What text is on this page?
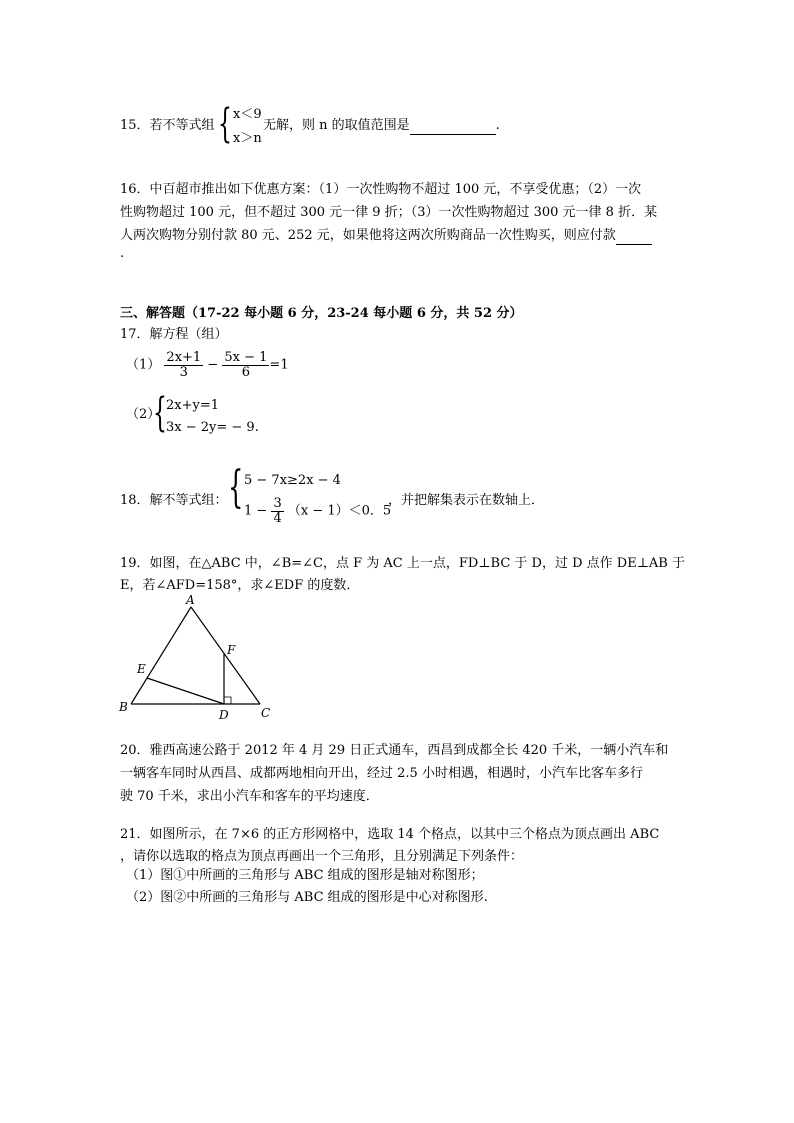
15．若不等式组 { x＜9
x＞n
无解，则 n 的取值范围是	.
16．中百超市推出如下优惠方案：（1）一次性购物不超过 100 元，不享受优惠；（2）一次
性购物超过 100 元，但不超过 300 元一律 9 折；（3）一次性购物超过 300 元一律 8 折．某
人两次购物分别付款 80 元、252 元，如果他将这两次所购商品一次性购买，则应付款
.
三、解答题（17-22 每小题 6 分，23-24 每小题 6 分，共 52 分）
17．解方程（组）
$(1) \frac{2x+1}{3} - \frac{5x - 1}{6} =1$
（2）
{ 2x+y=1
3x − 2y= − 9.
18．解不等式组： { 5 − 7x≥2x − 4
$1 - \frac{3}{4} (x - 1)<0$．5
，并把解集表示在数轴上．
19．如图，在△ABC 中，∠B=∠C，点 F 为 AC 上一点，FD⊥BC 于 D，过 D 点作 DE⊥AB 于
E，若∠AFD=158°，求∠EDF 的度数．
A
B	C
D
E
F
20．雅西高速公路于 2012 年 4 月 29 日正式通车，西昌到成都全长 420 千米，一辆小汽车和
一辆客车同时从西昌、成都两地相向开出，经过 2.5 小时相遇，相遇时，小汽车比客车多行
驶 70 千米，求出小汽车和客车的平均速度．
21．如图所示，在 7×6 的正方形网格中，选取 14 个格点，以其中三个格点为顶点画出 ABC
，请你以选取的格点为顶点再画出一个三角形，且分别满足下列条件：
（1）图①中所画的三角形与 ABC 组成的图形是轴对称图形；
（2）图②中所画的三角形与 ABC 组成的图形是中心对称图形.
